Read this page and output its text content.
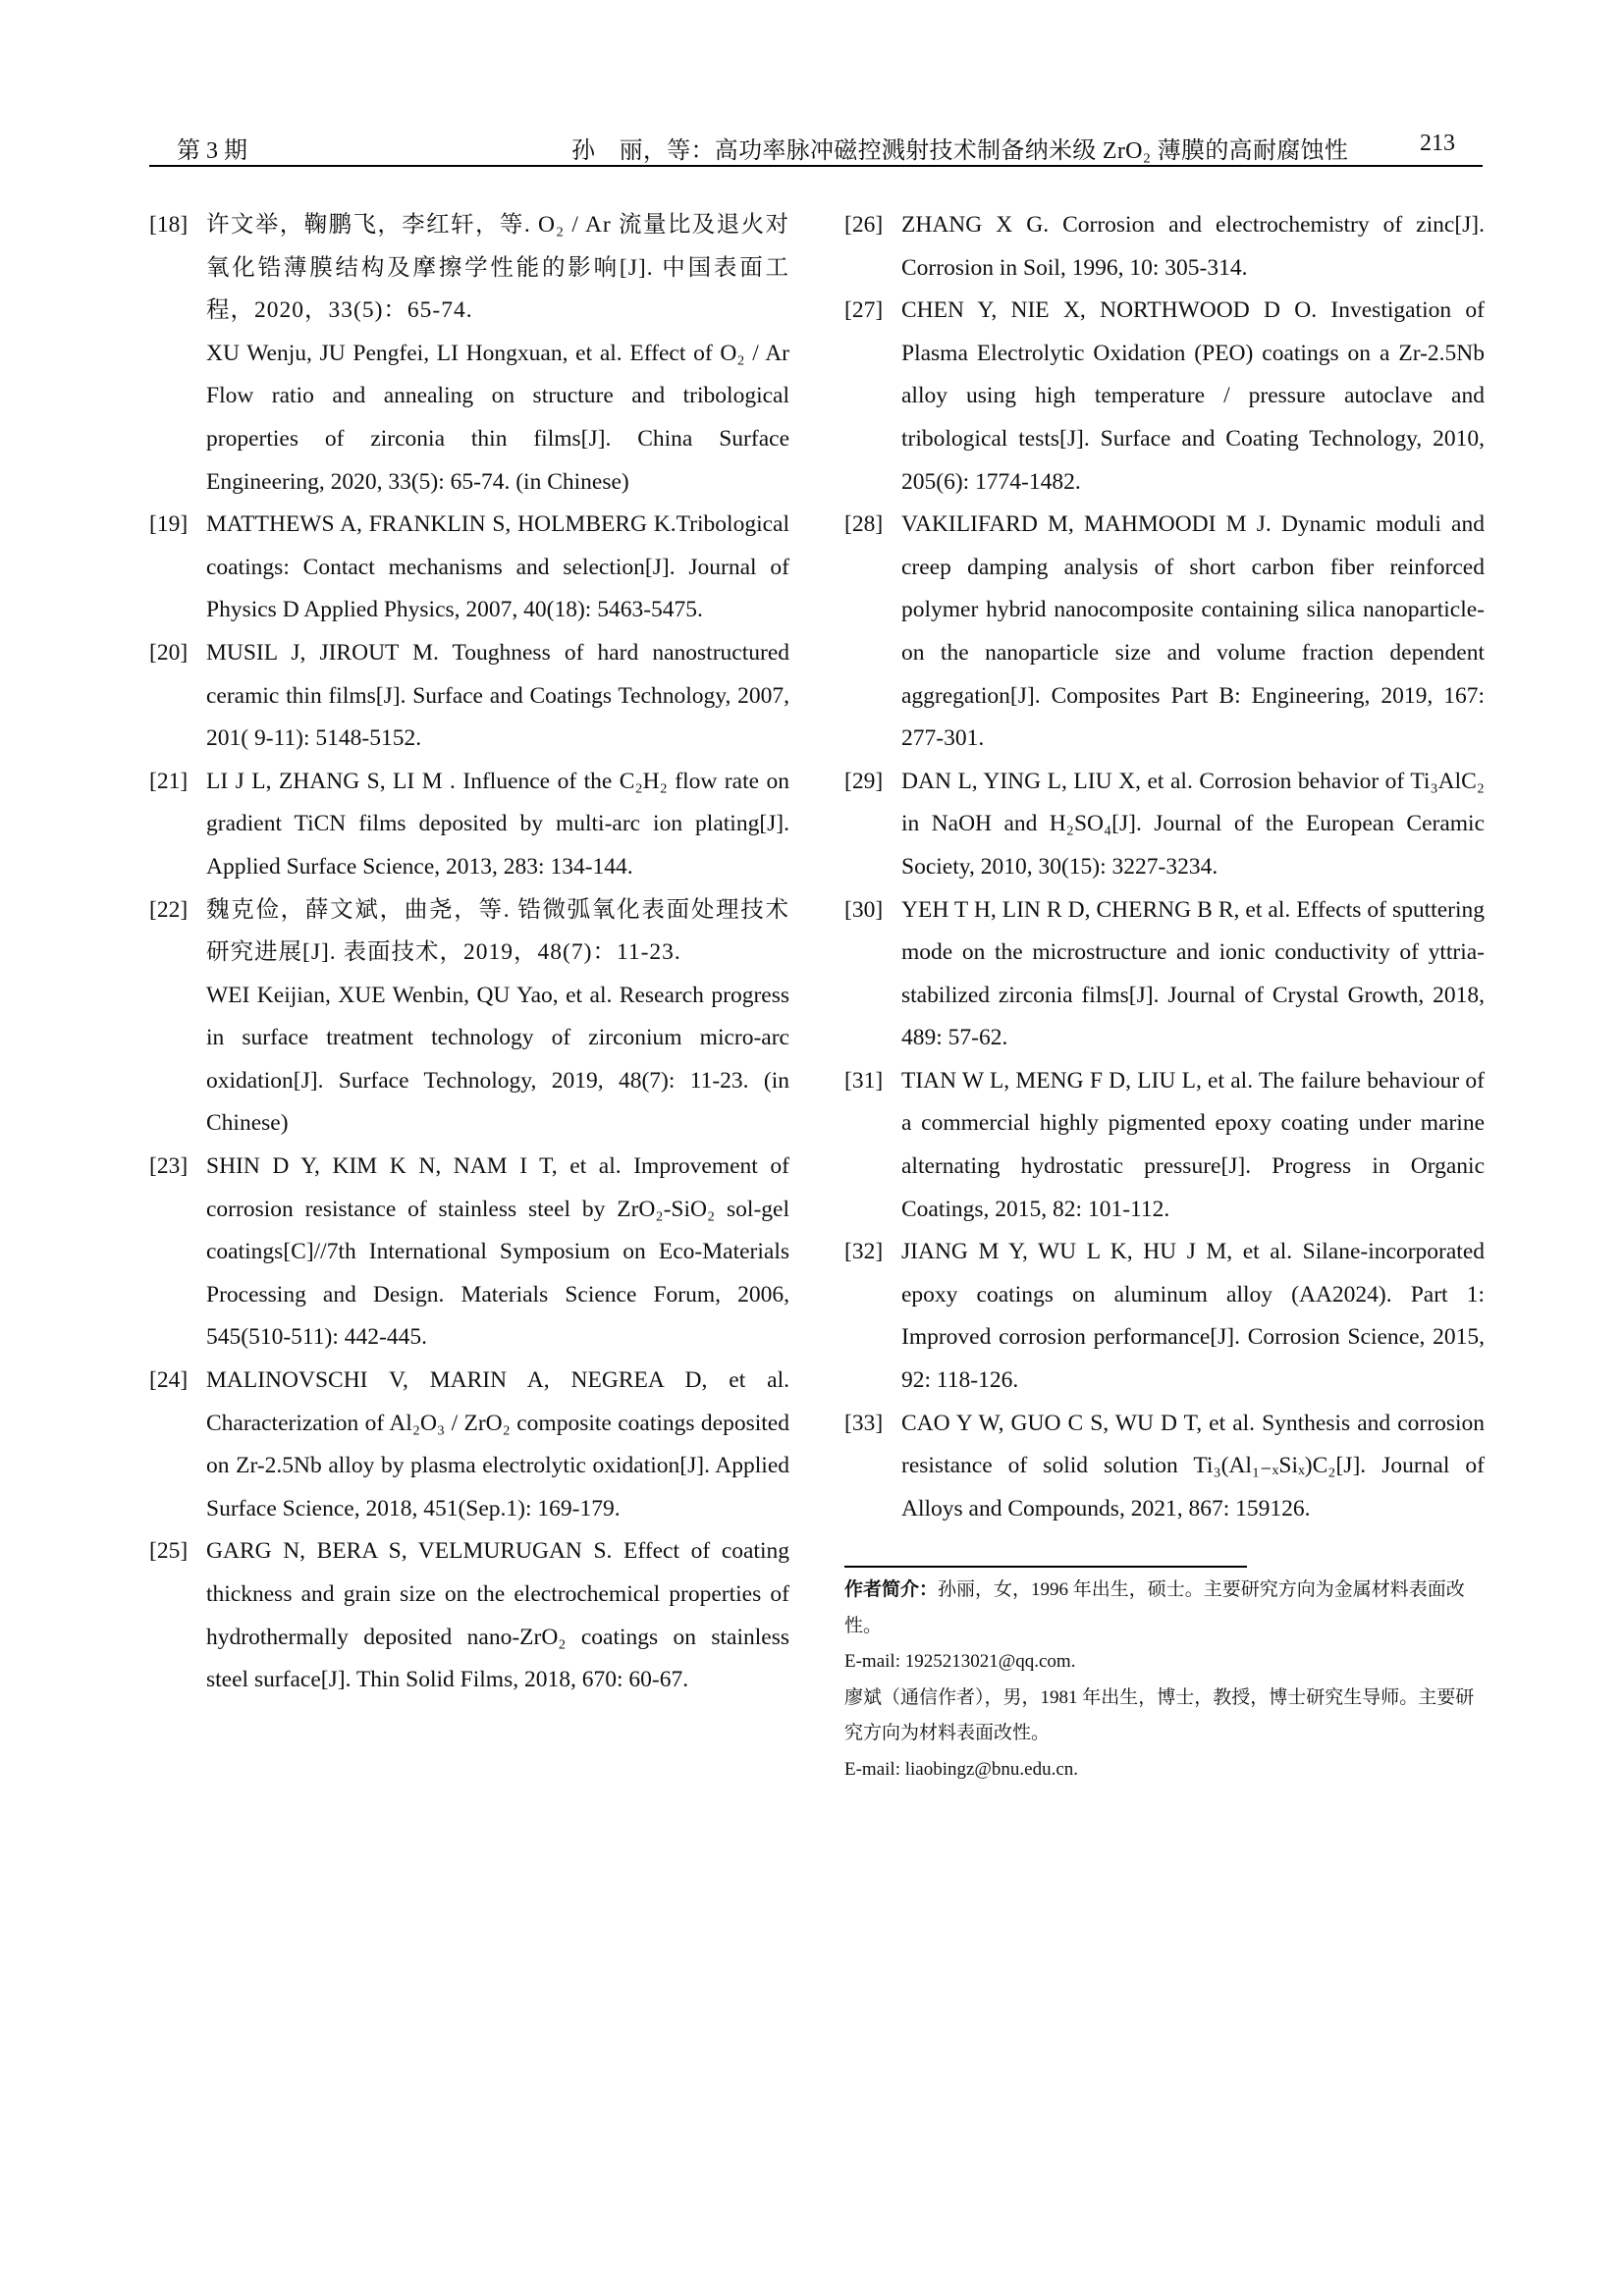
第 3 期	孙　丽，等：高功率脉冲磁控溅射技术制备纳米级 ZrO₂ 薄膜的高耐腐蚀性	213
[18] 许文举，鞠鹏飞，李红轩，等. O₂ / Ar 流量比及退火对氧化锆薄膜结构及摩擦学性能的影响[J]. 中国表面工程，2020，33(5)：65-74.

XU Wenju, JU Pengfei, LI Hongxuan, et al. Effect of O₂ / Ar Flow ratio and annealing on structure and tribological properties of zirconia thin films[J]. China Surface Engineering, 2020, 33(5): 65-74. (in Chinese)

[19] MATTHEWS A, FRANKLIN S, HOLMBERG K.Tribological coatings: Contact mechanisms and selection[J]. Journal of Physics D Applied Physics, 2007, 40(18): 5463-5475.

[20] MUSIL J, JIROUT M. Toughness of hard nanostructured ceramic thin films[J]. Surface and Coatings Technology, 2007, 201( 9-11): 5148-5152.

[21] LI J L, ZHANG S, LI M . Influence of the C₂H₂ flow rate on gradient TiCN films deposited by multi-arc ion plating[J]. Applied Surface Science, 2013, 283: 134-144.

[22] 魏克俭，薛文斌，曲尧，等. 锆微弧氧化表面处理技术研究进展[J]. 表面技术，2019，48(7)：11-23.

WEI Keijian, XUE Wenbin, QU Yao, et al. Research progress in surface treatment technology of zirconium micro-arc oxidation[J]. Surface Technology, 2019, 48(7): 11-23. (in Chinese)

[23] SHIN D Y, KIM K N, NAM I T, et al. Improvement of corrosion resistance of stainless steel by ZrO₂-SiO₂ sol-gel coatings[C]//7th International Symposium on Eco-Materials Processing and Design. Materials Science Forum, 2006, 545(510-511): 442-445.

[24] MALINOVSCHI V, MARIN A, NEGREA D, et al. Characterization of Al₂O₃ / ZrO₂ composite coatings deposited on Zr-2.5Nb alloy by plasma electrolytic oxidation[J]. Applied Surface Science, 2018, 451(Sep.1): 169-179.

[25] GARG N, BERA S, VELMURUGAN S. Effect of coating thickness and grain size on the electrochemical properties of hydrothermally deposited nano-ZrO₂ coatings on stainless steel surface[J]. Thin Solid Films, 2018, 670: 60-67.

[26] ZHANG X G. Corrosion and electrochemistry of zinc[J]. Corrosion in Soil, 1996, 10: 305-314.

[27] CHEN Y, NIE X, NORTHWOOD D O. Investigation of Plasma Electrolytic Oxidation (PEO) coatings on a Zr-2.5Nb alloy using high temperature / pressure autoclave and tribological tests[J]. Surface and Coating Technology, 2010, 205(6): 1774-1482.

[28] VAKILIFARD M, MAHMOODI M J. Dynamic moduli and creep damping analysis of short carbon fiber reinforced polymer hybrid nanocomposite containing silica nanoparticle-on the nanoparticle size and volume fraction dependent aggregation[J]. Composites Part B: Engineering, 2019, 167: 277-301.

[29] DAN L, YING L, LIU X, et al. Corrosion behavior of Ti₃AlC₂ in NaOH and H₂SO₄[J]. Journal of the European Ceramic Society, 2010, 30(15): 3227-3234.

[30] YEH T H, LIN R D, CHERNG B R, et al. Effects of sputtering mode on the microstructure and ionic conductivity of yttria-stabilized zirconia films[J]. Journal of Crystal Growth, 2018, 489: 57-62.

[31] TIAN W L, MENG F D, LIU L, et al. The failure behaviour of a commercial highly pigmented epoxy coating under marine alternating hydrostatic pressure[J]. Progress in Organic Coatings, 2015, 82: 101-112.

[32] JIANG M Y, WU L K, HU J M, et al. Silane-incorporated epoxy coatings on aluminum alloy (AA2024). Part 1: Improved corrosion performance[J]. Corrosion Science, 2015, 92: 118-126.

[33] CAO Y W, GUO C S, WU D T, et al. Synthesis and corrosion resistance of solid solution Ti₃(Al₁₋ₓSiₓ)C₂[J]. Journal of Alloys and Compounds, 2021, 867: 159126.

作者简介：孙丽，女，1996 年出生，硕士。主要研究方向为金属材料表面改性。

E-mail: 1925213021@qq.com.

廖斌（通信作者），男，1981 年出生，博士，教授，博士研究生导师。主要研究方向为材料表面改性。

E-mail: liaobingz@bnu.edu.cn.
